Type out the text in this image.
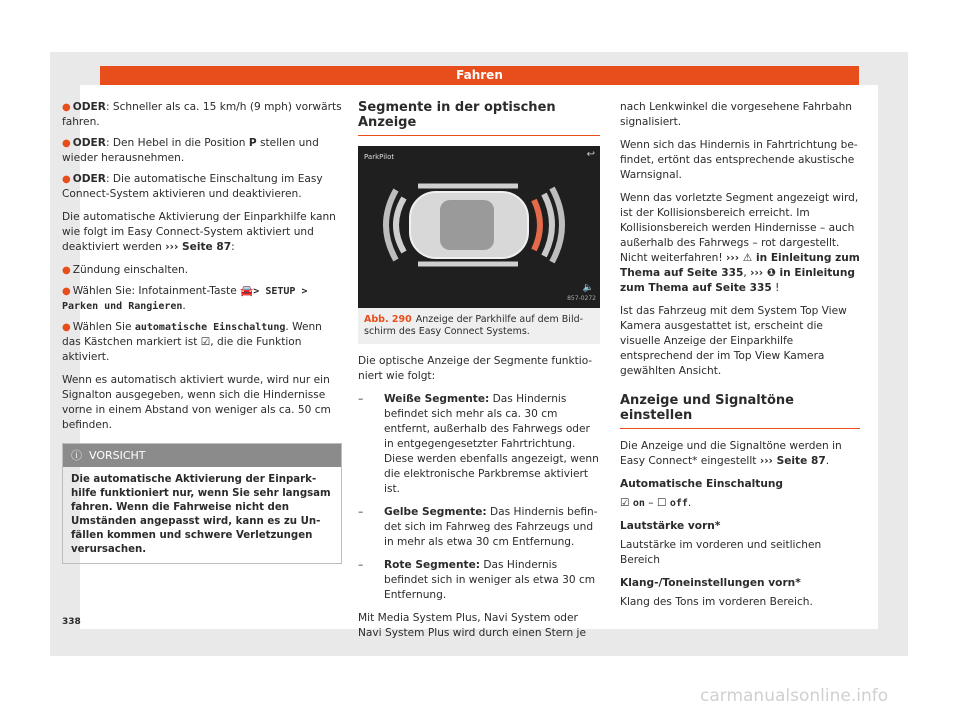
Fahren
● ODER: Schneller als ca. 15 km/h (9 mph) vorwärts fahren.
● ODER: Den Hebel in die Position P stellen und wieder herausnehmen.
● ODER: Die automatische Einschaltung im Easy Connect-System aktivieren und deaktivieren.

Die automatische Aktivierung der Einparkhilfe kann wie folgt im Easy Connect-System aktiviert und deaktiviert werden ››› Seite 87:

● Zündung einschalten.
● Wählen Sie: Infotainment-Taste 🚘> SETUP > Parken und Rangieren.
● Wählen Sie automatische Einschaltung. Wenn das Kästchen markiert ist ☑, die die Funktion aktiviert.

Wenn es automatisch aktiviert wurde, wird nur ein Signalton ausgegeben, wenn sich die Hindernisse vorne in einem Abstand von weniger als ca. 50 cm befinden.

ⓘ VORSICHT
Die automatische Aktivierung der Einparkhilfe funktioniert nur, wenn Sie sehr langsam fahren. Wenn die Fahrweise nicht den Umständen angepasst wird, kann es zu Unfällen kommen und schwere Verletzungen verursachen.
Segmente in der optischen Anzeige
ParkPilot	↩
🔈
857-0272
Abb. 290 Anzeige der Parkhilfe auf dem Bildschirm des Easy Connect Systems.

Die optische Anzeige der Segmente funktioniert wie folgt:

–	Weiße Segmente: Das Hindernis befindet sich mehr als ca. 30 cm entfernt, außerhalb des Fahrwegs oder in entgegengesetzter Fahrtrichtung. Diese werden ebenfalls angezeigt, wenn die elektronische Parkbremse aktiviert ist.
–	Gelbe Segmente: Das Hindernis befindet sich im Fahrweg des Fahrzeugs und in mehr als etwa 30 cm Entfernung.
–	Rote Segmente: Das Hindernis befindet sich in weniger als etwa 30 cm Entfernung.

Mit Media System Plus, Navi System oder Navi System Plus wird durch einen Stern je

nach Lenkwinkel die vorgesehene Fahrbahn signalisiert.

Wenn sich das Hindernis in Fahrtrichtung befindet, ertönt das entsprechende akustische Warnsignal.

Wenn das vorletzte Segment angezeigt wird, ist der Kollisionsbereich erreicht. Im Kollisionsbereich werden Hindernisse – auch außerhalb des Fahrwegs – rot dargestellt. Nicht weiterfahren! ››› ⚠ in Einleitung zum Thema auf Seite 335, ››› ❶ in Einleitung zum Thema auf Seite 335 !

Ist das Fahrzeug mit dem System Top View Kamera ausgestattet ist, erscheint die visuelle Anzeige der Einparkhilfe entsprechend der im Top View Kamera gewählten Ansicht.

Anzeige und Signaltöne einstellen

Die Anzeige und die Signaltöne werden in Easy Connect* eingestellt ››› Seite 87.

Automatische Einschaltung

☑ on – ☐ off.

Lautstärke vorn*

Lautstärke im vorderen und seitlichen Bereich

Klang-/Toneinstellungen vorn*

Klang des Tons im vorderen Bereich.

338
carmanualsonline.info
